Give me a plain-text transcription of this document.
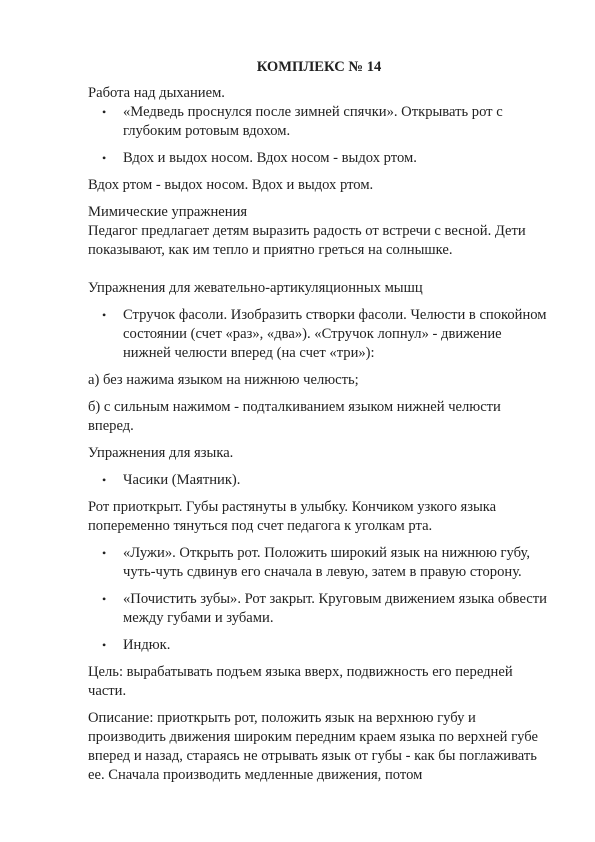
КОМПЛЕКС № 14

Работа над дыханием.

• «Медведь проснулся после зимней спячки». Открывать рот с глубоким ротовым вдохом.
• Вдох и выдох носом. Вдох носом - выдох ртом.

Вдох ртом - выдох носом. Вдох и выдох ртом.

Мимические упражнения

Педагог предлагает детям выразить радость от встречи с весной. Дети показывают, как им тепло и приятно греться на солнышке.

Упражнения для жевательно-артикуляционных мышц

• Стручок фасоли. Изобразить створки фасоли. Челюсти в спокойном состоянии (счет «раз», «два»). «Стручок лопнул» - движение нижней челюсти вперед (на счет «три»):

а) без нажима языком на нижнюю челюсть;

б) с сильным нажимом - подталкиванием языком нижней челюсти вперед.

Упражнения для языка.

• Часики (Маятник).

Рот приоткрыт. Губы растянуты в улыбку. Кончиком узкого языка попеременно тянуться под счет педагога к уголкам рта.

• «Лужи». Открыть рот. Положить широкий язык на нижнюю губу, чуть-чуть сдвинув его сначала в левую, затем в правую сторону.
• «Почистить зубы». Рот закрыт. Круговым движением языка обвести между губами и зубами.
• Индюк.

Цель: вырабатывать подъем языка вверх, подвижность его передней части.

Описание: приоткрыть рот, положить язык на верхнюю губу и производить движения широким передним краем языка по верхней губе вперед и назад, стараясь не отрывать язык от губы - как бы поглаживать ее. Сначала производить медленные движения, потом
